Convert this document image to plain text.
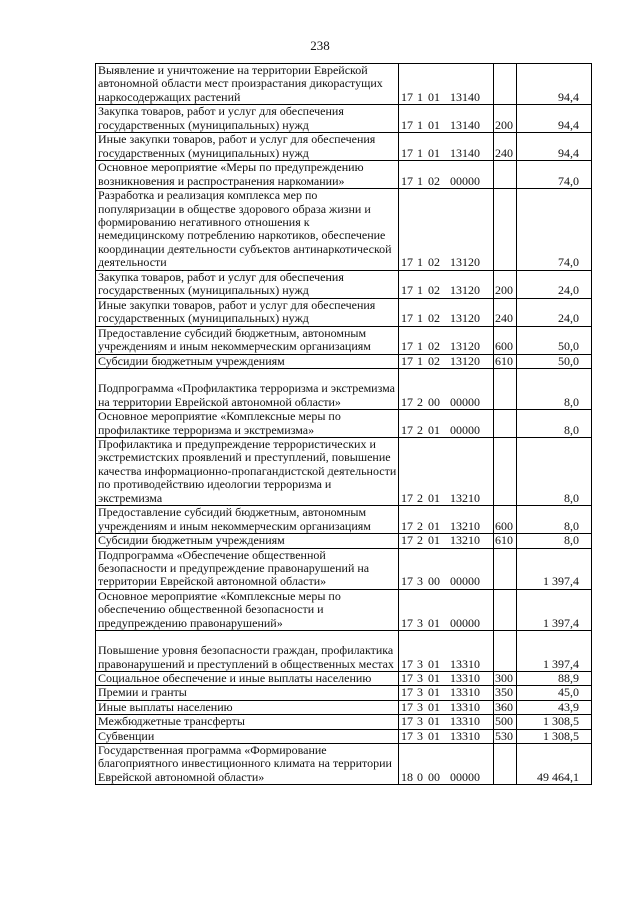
238
Выявление и уничтожение на территории Еврейской автономной области мест произрастания дикорастущих наркосодержащих растений	17 1 01 13140		94,4
Закупка товаров, работ и услуг для обеспечения государственных (муниципальных) нужд	17 1 01 13140	200	94,4
Иные закупки товаров, работ и услуг для обеспечения государственных (муниципальных) нужд	17 1 01 13140	240	94,4
Основное мероприятие «Меры по предупреждению возникновения и распространения наркомании»	17 1 02 00000		74,0
Разработка и реализация комплекса мер по популяризации в обществе здорового образа жизни и формированию негативного отношения к немедицинскому потреблению наркотиков, обеспечение координации деятельности субъектов антинаркотической деятельности	17 1 02 13120		74,0
Закупка товаров, работ и услуг для обеспечения государственных (муниципальных) нужд	17 1 02 13120	200	24,0
Иные закупки товаров, работ и услуг для обеспечения государственных (муниципальных) нужд	17 1 02 13120	240	24,0
Предоставление субсидий бюджетным, автономным учреждениям и иным некоммерческим организациям	17 1 02 13120	600	50,0
Субсидии бюджетным учреждениям	17 1 02 13120	610	50,0
Подпрограмма «Профилактика терроризма и экстремизма на территории Еврейской автономной области»	17 2 00 00000		8,0
Основное мероприятие «Комплексные меры по профилактике терроризма и экстремизма»	17 2 01 00000		8,0
Профилактика и предупреждение террористических и экстремистских проявлений и преступлений, повышение качества информационно-пропагандистской деятельности по противодействию идеологии терроризма и экстремизма	17 2 01 13210		8,0
Предоставление субсидий бюджетным, автономным учреждениям и иным некоммерческим организациям	17 2 01 13210	600	8,0
Субсидии бюджетным учреждениям	17 2 01 13210	610	8,0
Подпрограмма «Обеспечение общественной безопасности и предупреждение правонарушений на территории Еврейской автономной области»	17 3 00 00000		1 397,4
Основное мероприятие «Комплексные меры по обеспечению общественной безопасности и предупреждению правонарушений»	17 3 01 00000		1 397,4
Повышение уровня безопасности граждан, профилактика правонарушений и преступлений в общественных местах	17 3 01 13310		1 397,4
Социальное обеспечение и иные выплаты населению	17 3 01 13310	300	88,9
Премии и гранты	17 3 01 13310	350	45,0
Иные выплаты населению	17 3 01 13310	360	43,9
Межбюджетные трансферты	17 3 01 13310	500	1 308,5
Субвенции	17 3 01 13310	530	1 308,5
Государственная программа «Формирование благоприятного инвестиционного климата на территории Еврейской автономной области»	18 0 00 00000		49 464,1
